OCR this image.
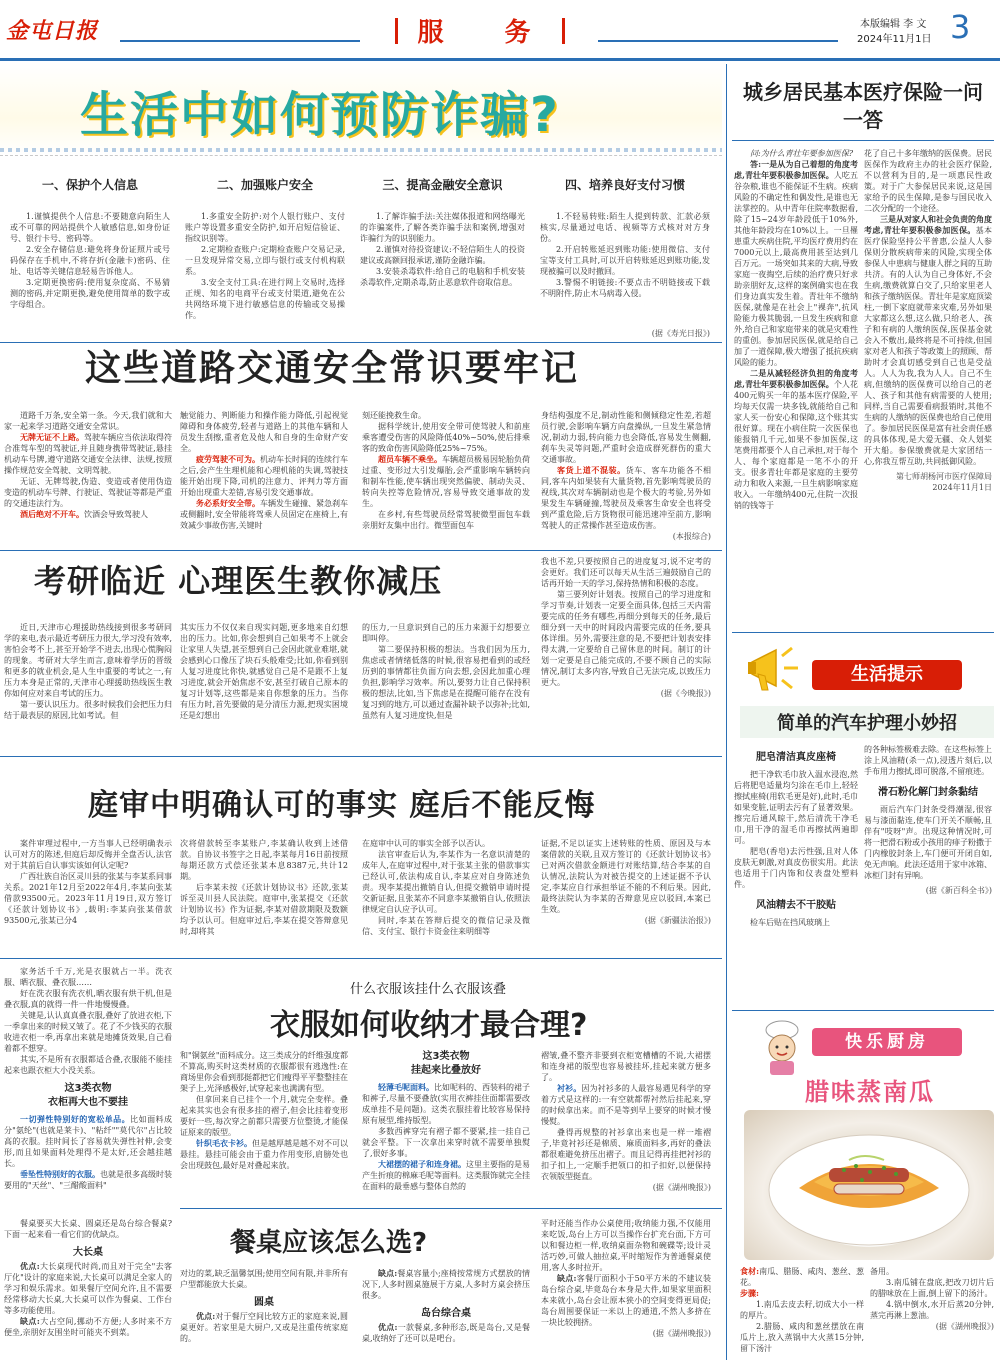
金屯日报	服 务	本版编辑 李 文
2024年11月1日 3
生活中如何预防诈骗?
一、保护个人信息
1.谨慎提供个人信息:不要随意向陌生人或不可靠的网站提供个人敏感信息,如身份证号、银行卡号、密码等。
2.安全存储信息:避免将身份证照片或号码保存在手机中,不将存折(金融卡)密码、住址、电话等关键信息轻易告诉他人。
3.定期更换密码:使用复杂度高、不易猜测的密码,并定期更换,避免使用简单的数字或字母组合。
二、加强账户安全
1.多重安全防护:对个人银行账户、支付账户等设置多重安全防护,如开启短信验证、指纹识别等。
2.定期检查账户:定期检查账户交易记录,一旦发现异常交易,立即与银行或支付机构联系。
3.安全支付工具:在进行网上交易时,选择正规、知名的电商平台或支付渠道,避免在公共网络环境下进行敏感信息的传输或交易操作。
三、提高金融安全意识
1.了解诈骗手法:关注媒体报道和网络曝光的诈骗案件,了解各类诈骗手法和案例,增强对诈骗行为的识别能力。
2.谨慎对待投资建议:不轻信陌生人的投资建议或高额回报承诺,谨防金融诈骗。
3.安装杀毒软件:给自己的电脑和手机安装杀毒软件,定期杀毒,防止恶意软件窃取信息。
四、培养良好支付习惯
1.不轻易转账:陌生人提到转款、汇款必须核实,尽量通过电话、视频等方式核对对方身份。
2.开启转账延迟到账功能:使用微信、支付宝等支付工具时,可以开启转账延迟到账功能,发现被骗可以及时撤回。
3.警惕不明链接:不要点击不明链接或下载不明附件,防止木马病毒入侵。
(据《寿光日报》)
这些道路交通安全常识要牢记
道路千万条,安全第一条。今天,我们就和大家一起来学习道路交通安全常识。
无牌无证不上路。驾驶车辆应当依法取得符合准驾车型的驾驶证,并且随身携带驾驶证,悬挂机动车号牌,遵守道路交通安全法律、法规,按照操作规范安全驾驶、文明驾驶。
无证、无牌驾驶,伪造、变造或者使用伪造变造的机动车号牌、行驶证、驾驶证等都是严重的交通违法行为。
酒后绝对不开车。饮酒会导致驾驶人
触觉能力、判断能力和操作能力降低,引起视觉障碍和身体疲劳,轻者与道路上的其他车辆和人员发生刮擦,重者危及他人和自身的生命财产安全。
疲劳驾驶不可为。机动车长时间的连续行车之后,会产生生理机能和心理机能的失调,驾驶技能开始出现下降,司机的注意力、评判力等方面开始出现重大差错,容易引发交通事故。
务必系好安全带。车辆发生碰撞、紧急刹车或侧翻时,安全带能将驾乘人员固定在座椅上,有效减少事故伤害,关键时
刻还能挽救生命。
据科学统计,使用安全带可使驾驶人和前座乘客遭受伤害的风险降低40%~50%,使后排乘客的致命伤害风险降低25%~75%。
超员车辆不乘坐。车辆超员极易因轮胎负荷过重、变形过大引发爆胎,会严重影响车辆转向和制车性能,使车辆出现突然偏驶、制动失灵、转向失控等危险情况,容易导致交通事故的发生。
在乡村,有些驾驶员经常驾驶微型面包车载亲朋好友集中出行。微型面包车
身结构强度不足,制动性能和侧倾稳定性差,若超员行驶,会影响车辆方向盘操纵,一旦发生紧急情况,制动力弱,转向能力也会降低,容易发生侧翻,刹车失灵等问题,严重时会造成群死群伤的重大交通事故。
客货上道不混装。货车、客车功能各不相同,客车内如果装有大量货物,首先影响驾驶员的视线,其次对车辆制动也是个极大的考验,另外如果发生车辆碰撞,驾驶员及乘客生命安全也将受到严重危险,后方货物很可能迅速冲至前方,影响驾驶人的正常操作甚至造成伤害。
(本报综合)
考研临近 心理医生教你减压
近日,天津市心理援助热线接到很多考研同学的来电,表示最近考研压力很大,学习没有效率,害怕会考不上,甚至开始学不进去,出现心慌胸闷的现象。考研对大学生而言,意味着学历的晋级和更多的就业机会,是人生中重要的考试之一,有压力本身是正常的,天津市心理援助热线医生教你如何应对来自考试的压力。
第一要认识压力。很多时候我们会把压力归结于最表层的原因,比如考试。但
其实压力不仅仅来自现实问题,更多地来自幻想出的压力。比如,你会想到自己如果考不上就会让家里人失望,甚至想到自己会因此就业难堪,就会感到心口像压了块石头般难受;比如,你看到别人复习进度比你快,就感觉自己是不是跟不上复习进度,就会开始焦虑不安,甚至打破自己原本的复习计划等,这些都是来自你想象的压力。当你有压力时,首先要做的是分清压力源,把现实困境还是幻想出
的压力,一旦意识到自己的压力来源于幻想要立即叫停。
第二要保持积极的想法。当我们因为压力,焦虑或者情绪低落的时候,很容易把看到的或经历到的事情都往负面方向去想,会因此加重心理负担,影响学习效率。所以,要努力让自己保持积极的想法,比如,当下焦虑是在提醒可能存在没有复习到的地方,可以通过查漏补缺予以弥补;比如,虽然有人复习进度快,但是
我也不差,只要按照自己的进度复习,说不定考的会更好。我们还可以每天从生活三遍鼓励自己的话再开始一天的学习,保持热情和积极的态度。
第三要列好计划表。按照自己的学习进度和学习节奏,计划表一定要全面具体,包括三天内需要完成的任务有哪些,再细分到每天的任务,最后细分到一天中的时间段内需要完成的任务,要具体详细。另外,需要注意的是,不要把计划表安排得太满,一定要给自己留休息的时间。制订的计划一定要是自己能完成的,不要不顾自己的实际情况,制订太多内容,导致自己无法完成,以致压力更大。
(据《今晚报》)
庭审中明确认可的事实 庭后不能反悔
案件审理过程中,一方当事人已经明确表示认可对方的陈述,但庭后却反悔并全盘否认,法官对于其前后自认事实该如何认定呢?
广西壮族自治区灵川县的张某与李某系同事关系。2021年12月至2022年4月,李某向张某借款93500元。2023年11月19日,双方签订《还款计划协议书》,载明:李某向张某借款93500元,张某已分4
次将借款转至李某账户,李某确认收到上述借款。自协议书签字之日起,李某每月16日前按照每期还款方式偿还张某本息8387元,共计12期。
后李某未按《还款计划协议书》还款,张某诉至灵川县人民法院。庭审中,张某提交《还款计划协议书》作为证据,李某对借款期限及数额均予以认可。但庭审过后,李某在提交答辩意见时,却将其
在庭审中认可的事实全部予以否认。
法官审查后认为,李某作为一名意识清楚的成年人,在庭审过程中,对于张某主张的借款事实已经认可,依法构成自认,李某应对自身陈述负责。现李某提出撤销自认,但提交撤销申请时提交新证据,且张某亦不同意李某撤销自认,依照法律规定自认应予认可。
同时,李某在答辩后提交的微信记录及微信、支付宝、银行卡资金往来明细等
证据,不足以证实上述转账的性质、原因及与本案借款的关联,且双方签订的《还款计划协议书》已对两次借款金额进行对账结算,结合李某的自认情况,法院认为对被告提交的上述证据不予认定,李某应自行承担举证不能的不利后果。因此,最终法院认为李某的否辩意见应以驳回,本案已生效。
(据《新疆法治报》)
家务活千千万,光是衣服就占一半。洗衣服、晒衣服、叠衣服……
好在洗衣服有洗衣机,晒衣服有烘干机,但是叠衣服,真的就得一件一件地慢慢叠。
关键是,认认真真叠衣服,叠好了放进衣柜,下一季拿出来的时候又皱了。花了不少钱买的衣服收进衣柜一季,再拿出来就是地摊货效果,自己看着都不想穿。
其实,不是所有衣服都适合叠,衣服能不能挂起来也跟衣柜大小没关系。
这3类衣物
衣柜再大也不要挂
一切弹性特别好的宽松单品。比如面料成分"氨纶"(也就是莱卡)、"粘纤""莫代尔"占比较高的衣服。挂时间长了容易就失弹性衬伸,会变形,而且如果面料处理得不是太好,还会越挂越长。
垂坠性特别好的衣服。也就是很多高级时装要用的"天丝"、"三醋酸面料"
什么衣服该挂什么衣服该叠
衣服如何收纳才最合理?
和"铜氨丝"面料成分。这三类成分的纤维强度都不算高,购买时这类材质的衣服都很有逃逸性:在商场里你会看到那挺都把它们瘦得平平整整挂在架子上,光泽感极好,试穿起来也满满有型。
但拿回来自已挂个一个月,就完全变样。叠起来其实也会有很多挂的褶子,但会比挂着变形要好一些,每次穿之前都只需要方位整烫,才能保证原来的版型。
针织毛衣卡衫。但是越厚越是越不对不可以悬挂。悬挂可能会由于重力作用变形,肩膀处也会出现鼓包,最好是对叠起来放。
这3类衣物
挂起来比叠放好
轻薄毛呢面料。比如呢料的、西装料的裙子和裤子,尽量不要叠放(实用衣裤挂住面都需要改成单挂不是问题)。这类衣服挂着比较容易保持原有展型,维持版型。
多数西裤穿完有褶子都不要紧,挂一挂自己就会平整。下一次拿出来穿时就不需要单独熨了,很好多事。
大裙摆的裙子和连身裙。这里主要指的是易产生折痕的棉麻毛呢等面料。这类服饰就完全挂在面料的最垂感与整体自然的
褶皱,叠不整齐非要到衣柜宽槽槽的不说,大裙摆和连身裙的版型也容易被挂坏,挂起来就方便多了。
衬衫。因为衬衫多的人最容易遇见科学的穿着方式是这样的:一有空就都帮衬然后挂起来,穿的时候拿出来。而不是等到早上要穿的时候才慢慢熨。
叠得再规整的衬衫拿出来也是一样一堆褶子,毕竟衬衫还是棉质、麻质面料多,再好的叠法都很难避免挤压出褶子。而且记得再挂把衬衫的扣子扣上,一定顺手把领口的扣子扣好,以便保持衣领版型挺直。
(据《湖州晚报》)
餐桌应该怎么选?
餐桌要买大长桌、圆桌还是岛台综合餐桌?下面一起来看一看它们的优缺点。
大长桌
优点:大长桌现代时尚,而且对于完全"去客厅化"设计的家庭来说,大长桌可以满足全家人的学习和娱乐需求。如果餐厅空间允许,且不需要经常移动大长桌,大长桌可以作为餐桌、工作台等多功能使用。
缺点:大占空间,挪动不方便;人多时来不方便坐,亲朋好友围坐时可能夹不到菜。
对边的菜,缺乏温馨氛围;使用空间有限,并非所有户型都能放大长桌。
圆桌
优点:对于餐厅空间比较方正的家庭来说,圆桌更好。若家里是大厨户,又或是注重传统家庭的。
缺点:餐桌容量小;座椅按常规方式摆放的情况下,人多时圆桌施展于方桌,人多时方桌会挤压很多。
岛台综合桌
优点:一款餐桌,多种形态,既是岛台,又是餐桌,收纳好了还可以是吧台。
平时还能当作办公桌使用;收纳能力强,不仅能用来吃饭,岛台上方可以当操作台扩充台面,下方可以和餐边柜一样,收纳桌面杂物和碗碟等;设计灵活巧妙,可做人抽拉桌,平时缩短作为普通餐桌使用,客人多时拉开。
缺点:客餐厅面积小于50平方米的不建议装岛台综合桌,毕竟岛台本身是大件,如果家里面积本来就小,岛台会让原本狭小的空间变得更局促;岛台周围要保证一米以上的通道,不然人多挤在一块比较拥挤。
(据《湖州晚报》)
城乡居民基本医疗保险一问一答
问:为什么青壮年要参加医保?
答:一是从为自己着想的角度考虑,青壮年要积极参加医保。人吃五谷杂粮,谁也不能保证不生病。疾病风险的不确定性和偶发性,是谁也无法掌控的。从中青年住院率数据看,除了15~24岁年龄段低于10%外,其他年龄段均在10%以上。一旦罹患重大疾病住院,平均医疗费用约在7000元以上,最高费用甚至达到几百万元。一场突如其来的大病,导致家庭一夜掏空,后续的治疗费只好求助亲朋好友,这样的案例确实也在我们身边真实发生着。青壮年不缴纳医保,就像是在社会上"裸奔",抗风险能力极其脆弱,一旦发生疾病和意外,给自己和家庭带来的就是灾难性的重创。参加居民医保,就是给自己加了一道保障,极大增强了抵抗疾病风险的能力。
二是从减轻经济负担的角度考虑,青壮年要积极参加医保。个人花400元购买一年的基本医疗保险,平均每天仅需一块多钱,就能给自己和家人买一份安心和保障,这个账其实很好算。现在小病住院一次医保也能报销几千元,如果不参加医保,这笔费用都要个人自己承担,对于每个人、每个家庭都是一笔不小的开支。很多青壮年都是家庭的主要劳动力和收入来源,一旦生病影响家庭收入。一年缴纳400元,住院一次报销的钱等于
花了自己十多年缴纳的医保费。居民医保作为政府主办的社会医疗保险,不以营利为目的,是一项惠民性政策。对于广大参保居民来说,这是国家给予的民生保障,是参与国民收入二次分配的一个途径。
三是从对家人和社会负责的角度考虑,青壮年要积极参加医保。基本医疗保险坚持公平普惠,公益人人参保则分散疾病带来的风险,实现全体参保人中患病与健康人群之间的互助共济。有的人认为自己身体好,不会生病,缴费就算白交了,只给家里老人和孩子缴纳医保。青壮年是家庭顶梁柱,一倒下家庭就带来灾难,另外如果大家都这么想,这么做,只给老人、孩子和有病的人缴纳医保,医保基金就会入不敷出,最终将是不可持续,但国家对老人和孩子等政策上的照顾、帮助时才会真切感受到自己也是受益人。人人为我,我为人人。自己不生病,但缴纳的医保费可以给自己的老人、孩子和其他有病需要的人使用;同样,当自己需要看病报销时,其他不生病的人缴纳的医保费也给自己使用了。参加居民医保是富有社会责任感的具体体现,是大爱无疆、众人划桨开大船。参保缴费就是大家团结一心,你我互帮互助,共同抵御风险。
第七师胡杨河市医疗保障局
2024年11月1日
生活提示
简单的汽车护理小妙招
肥皂清洁真皮座椅
把干净软毛巾放入温水浸泡,然后将肥皂适量均匀涂在毛巾上,轻轻擦拭座椅(用软毛更是好),此时,毛巾如果变脏,证明去污有了显著效果。擦完后通风晾干,然后清洗干净毛巾,用干净的湿毛巾再擦拭两遍即可。
肥皂(香皂)去污性强,且对人体皮肤无刺激,对真皮伤很实用。此法也适用于门内饰和仪表盘处塑料件。
风油精去不干胶贴
检车后贴在挡风玻璃上
的各种标签极难去除。在这些标签上涂上风油精(杀一点),浸透片刻后,以手布用力擦拭,即可脱落,不留痕迹。
滑石粉化解门封条黏结
雨后汽车门封条受得潮湿,很容易与漆面黏连,使车门开关不顺畅,且伴有"吱呀"声。出现这种情况时,可将一把滑石粉或小孩用的痱子粉撒于门内橡胶封条上,车门便可开闭自如,免无声响。此法还适用于家中冰箱、冰柜门封有异响。
(据《新百科全书》)
快乐厨房
腊味蒸南瓜
食材:南瓜、腊肠、咸肉、葱丝、葱花。
步骤:
1.南瓜去皮去籽,切成大小一样的厚片。
2.腊肠、咸肉和葱丝摆放在南瓜片上,放入蒸锅中大火蒸15分钟,留下汤汁
备用。
3.南瓜铺在盘底,把改刀切片后的腊味放在上面,倒上留下的汤汁。
4.锅中倒水,水开后蒸20分钟,蒸完再淋上葱油。
(据《湖州晚报》)
